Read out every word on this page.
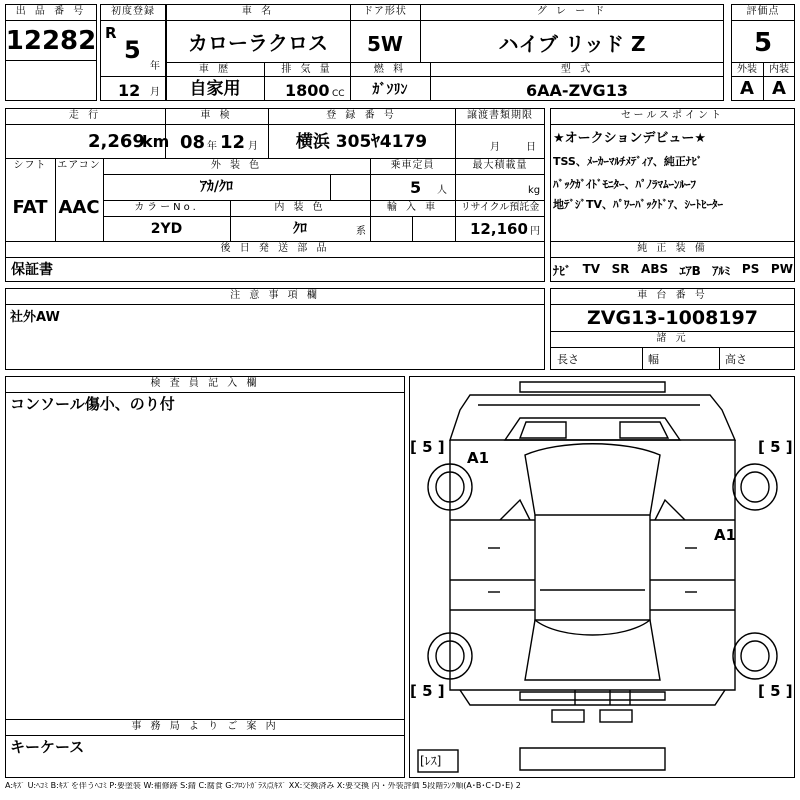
出 品 番 号
12282
初度登録
R
5
年
12 月
車 名
カローラクロス
ドア形状
5W
グ レ ー ド
ハイブ リッド Z
車 歴
自家用
排 気 量
1800 CC
燃 料
ｶﾞｿﾘﾝ
型 式
6AA-ZVG13
評価点
5
外装	内装
A	A
走 行
2,269
km
車 検
08 年 12 月
登 録 番 号
横浜 305ﾔ4179
譲渡書類期限
月	日
シフト
FAT
エアコン
AAC
外 装 色
ｱｶ/ｸﾛ
乗車定員
5 人
最大積載量
kg
カラーNo.
2YD
内 装 色
ｸﾛ	系
輸 入 車	リサイクル預託金
12,160 円
後 日 発 送 部 品
保証書
セールスポイント
★オークションデビュー★
TSS、ﾒｰｶｰﾏﾙﾁﾒﾃﾞｨｱ、純正ﾅﾋﾞ
ﾊﾞｯｸｶﾞｲﾄﾞﾓﾆﾀｰ、ﾊﾟﾉﾗﾏﾑｰﾝﾙｰﾌ
地ﾃﾞｼﾞTV、ﾊﾟﾜｰﾊﾞｯｸﾄﾞｱ、ｼｰﾄﾋｰﾀｰ
純 正 装 備
ﾅﾋﾞ TV SR ABS ｴｱB ｱﾙﾐ PS PW
注 意 事 項 欄
社外AW
車 台 番 号
ZVG13-1008197
諸 元
長さ	幅	高さ
検 査 員 記 入 欄
コンソール傷小、のり付
事 務 局 よ り ご 案 内
キーケース
[ 5 ]	[ 5 ]
[ 5 ]	[ 5 ]
A1
A1
[ﾚｽ]
A:ｷｽﾞ U:ﾍｺﾐ B:ｷｽﾞを伴うﾍｺﾐ P:要塗装 W:補修跡 S:錆 C:腐食 G:ﾌﾛﾝﾄｶﾞﾗｽ点ｷｽﾞ XX:交換済み X:要交換 内・外装評価 5段階ﾗﾝｸ順(A･B･C･D･E) 2
